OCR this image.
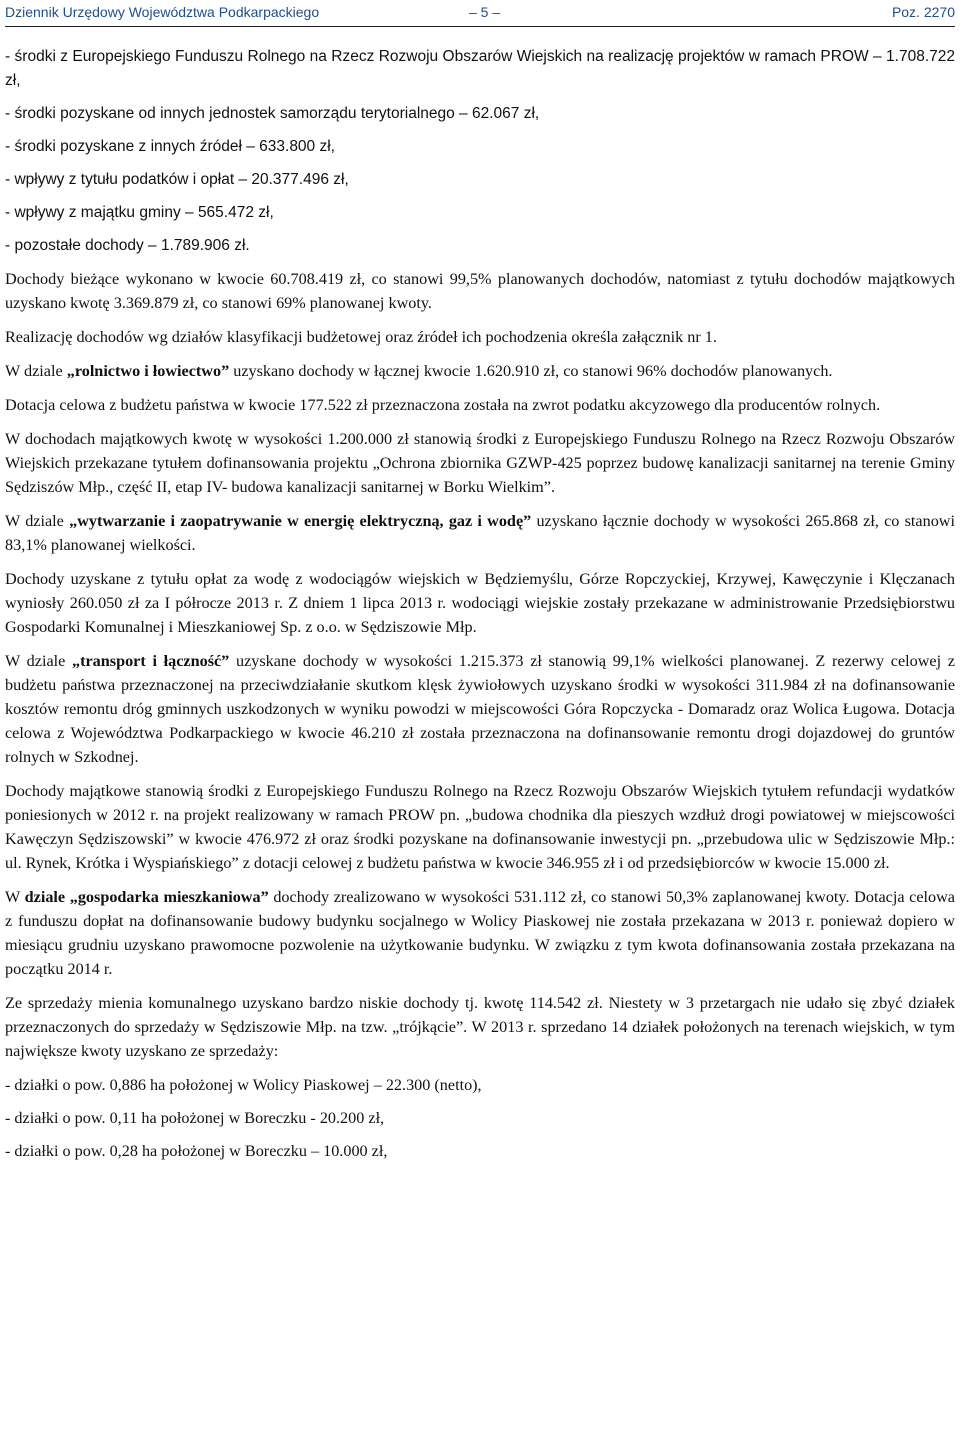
Dziennik Urzędowy Województwa Podkarpackiego	– 5 –	Poz. 2270

- środki z Europejskiego Funduszu Rolnego na Rzecz Rozwoju Obszarów Wiejskich na realizację projektów w ramach PROW – 1.708.722 zł,

- środki pozyskane od innych jednostek samorządu terytorialnego – 62.067 zł,

- środki pozyskane z innych źródeł – 633.800 zł,

- wpływy z tytułu podatków i opłat – 20.377.496 zł,

- wpływy z majątku gminy – 565.472 zł,

- pozostałe dochody – 1.789.906 zł.

Dochody bieżące wykonano w kwocie 60.708.419 zł, co stanowi 99,5% planowanych dochodów, natomiast z tytułu dochodów majątkowych uzyskano kwotę 3.369.879 zł, co stanowi 69% planowanej kwoty.

Realizację dochodów wg działów klasyfikacji budżetowej oraz źródeł ich pochodzenia określa załącznik nr 1.

W dziale „rolnictwo i łowiectwo” uzyskano dochody w łącznej kwocie 1.620.910 zł, co stanowi 96% dochodów planowanych.

Dotacja celowa z budżetu państwa w kwocie 177.522 zł przeznaczona została na zwrot podatku akcyzowego dla producentów rolnych.

W dochodach majątkowych kwotę w wysokości 1.200.000 zł stanowią środki z Europejskiego Funduszu Rolnego na Rzecz Rozwoju Obszarów Wiejskich przekazane tytułem dofinansowania projektu „Ochrona zbiornika GZWP-425 poprzez budowę kanalizacji sanitarnej na terenie Gminy Sędziszów Młp., część II, etap IV- budowa kanalizacji sanitarnej w Borku Wielkim”.

W dziale „wytwarzanie i zaopatrywanie w energię elektryczną, gaz i wodę” uzyskano łącznie dochody w wysokości 265.868 zł, co stanowi 83,1% planowanej wielkości.

Dochody uzyskane z tytułu opłat za wodę z wodociągów wiejskich w Będziemyślu, Górze Ropczyckiej, Krzywej, Kawęczynie i Klęczanach wyniosły 260.050 zł za I półrocze 2013 r. Z dniem 1 lipca 2013 r. wodociągi wiejskie zostały przekazane w administrowanie Przedsiębiorstwu Gospodarki Komunalnej i Mieszkaniowej Sp. z o.o. w Sędziszowie Młp.

W dziale „transport i łączność” uzyskane dochody w wysokości 1.215.373 zł stanowią 99,1% wielkości planowanej. Z rezerwy celowej z budżetu państwa przeznaczonej na przeciwdziałanie skutkom klęsk żywiołowych uzyskano środki w wysokości 311.984 zł na dofinansowanie kosztów remontu dróg gminnych uszkodzonych w wyniku powodzi w miejscowości Góra Ropczycka - Domaradz oraz Wolica Ługowa. Dotacja celowa z Województwa Podkarpackiego w kwocie 46.210 zł została przeznaczona na dofinansowanie remontu drogi dojazdowej do gruntów rolnych w Szkodnej.

Dochody majątkowe stanowią środki z Europejskiego Funduszu Rolnego na Rzecz Rozwoju Obszarów Wiejskich tytułem refundacji wydatków poniesionych w 2012 r. na projekt realizowany w ramach PROW pn. „budowa chodnika dla pieszych wzdłuż drogi powiatowej w miejscowości Kawęczyn Sędziszowski” w kwocie 476.972 zł oraz środki pozyskane na dofinansowanie inwestycji pn. „przebudowa ulic w Sędziszowie Młp.: ul. Rynek, Krótka i Wyspiańskiego” z dotacji celowej z budżetu państwa w kwocie 346.955 zł i od przedsiębiorców w kwocie 15.000 zł.

W dziale „gospodarka mieszkaniowa” dochody zrealizowano w wysokości 531.112 zł, co stanowi 50,3% zaplanowanej kwoty. Dotacja celowa z funduszu dopłat na dofinansowanie budowy budynku socjalnego w Wolicy Piaskowej nie została przekazana w 2013 r. ponieważ dopiero w miesiącu grudniu uzyskano prawomocne pozwolenie na użytkowanie budynku. W związku z tym kwota dofinansowania została przekazana na początku 2014 r.

Ze sprzedaży mienia komunalnego uzyskano bardzo niskie dochody tj. kwotę 114.542 zł. Niestety w 3 przetargach nie udało się zbyć działek przeznaczonych do sprzedaży w Sędziszowie Młp. na tzw. „trójkącie”. W 2013 r. sprzedano 14 działek położonych na terenach wiejskich, w tym największe kwoty uzyskano ze sprzedaży:

- działki o pow. 0,886 ha położonej w Wolicy Piaskowej – 22.300 (netto),

- działki o pow. 0,11 ha położonej w Boreczku - 20.200 zł,

- działki o pow. 0,28 ha położonej w Boreczku – 10.000 zł,
